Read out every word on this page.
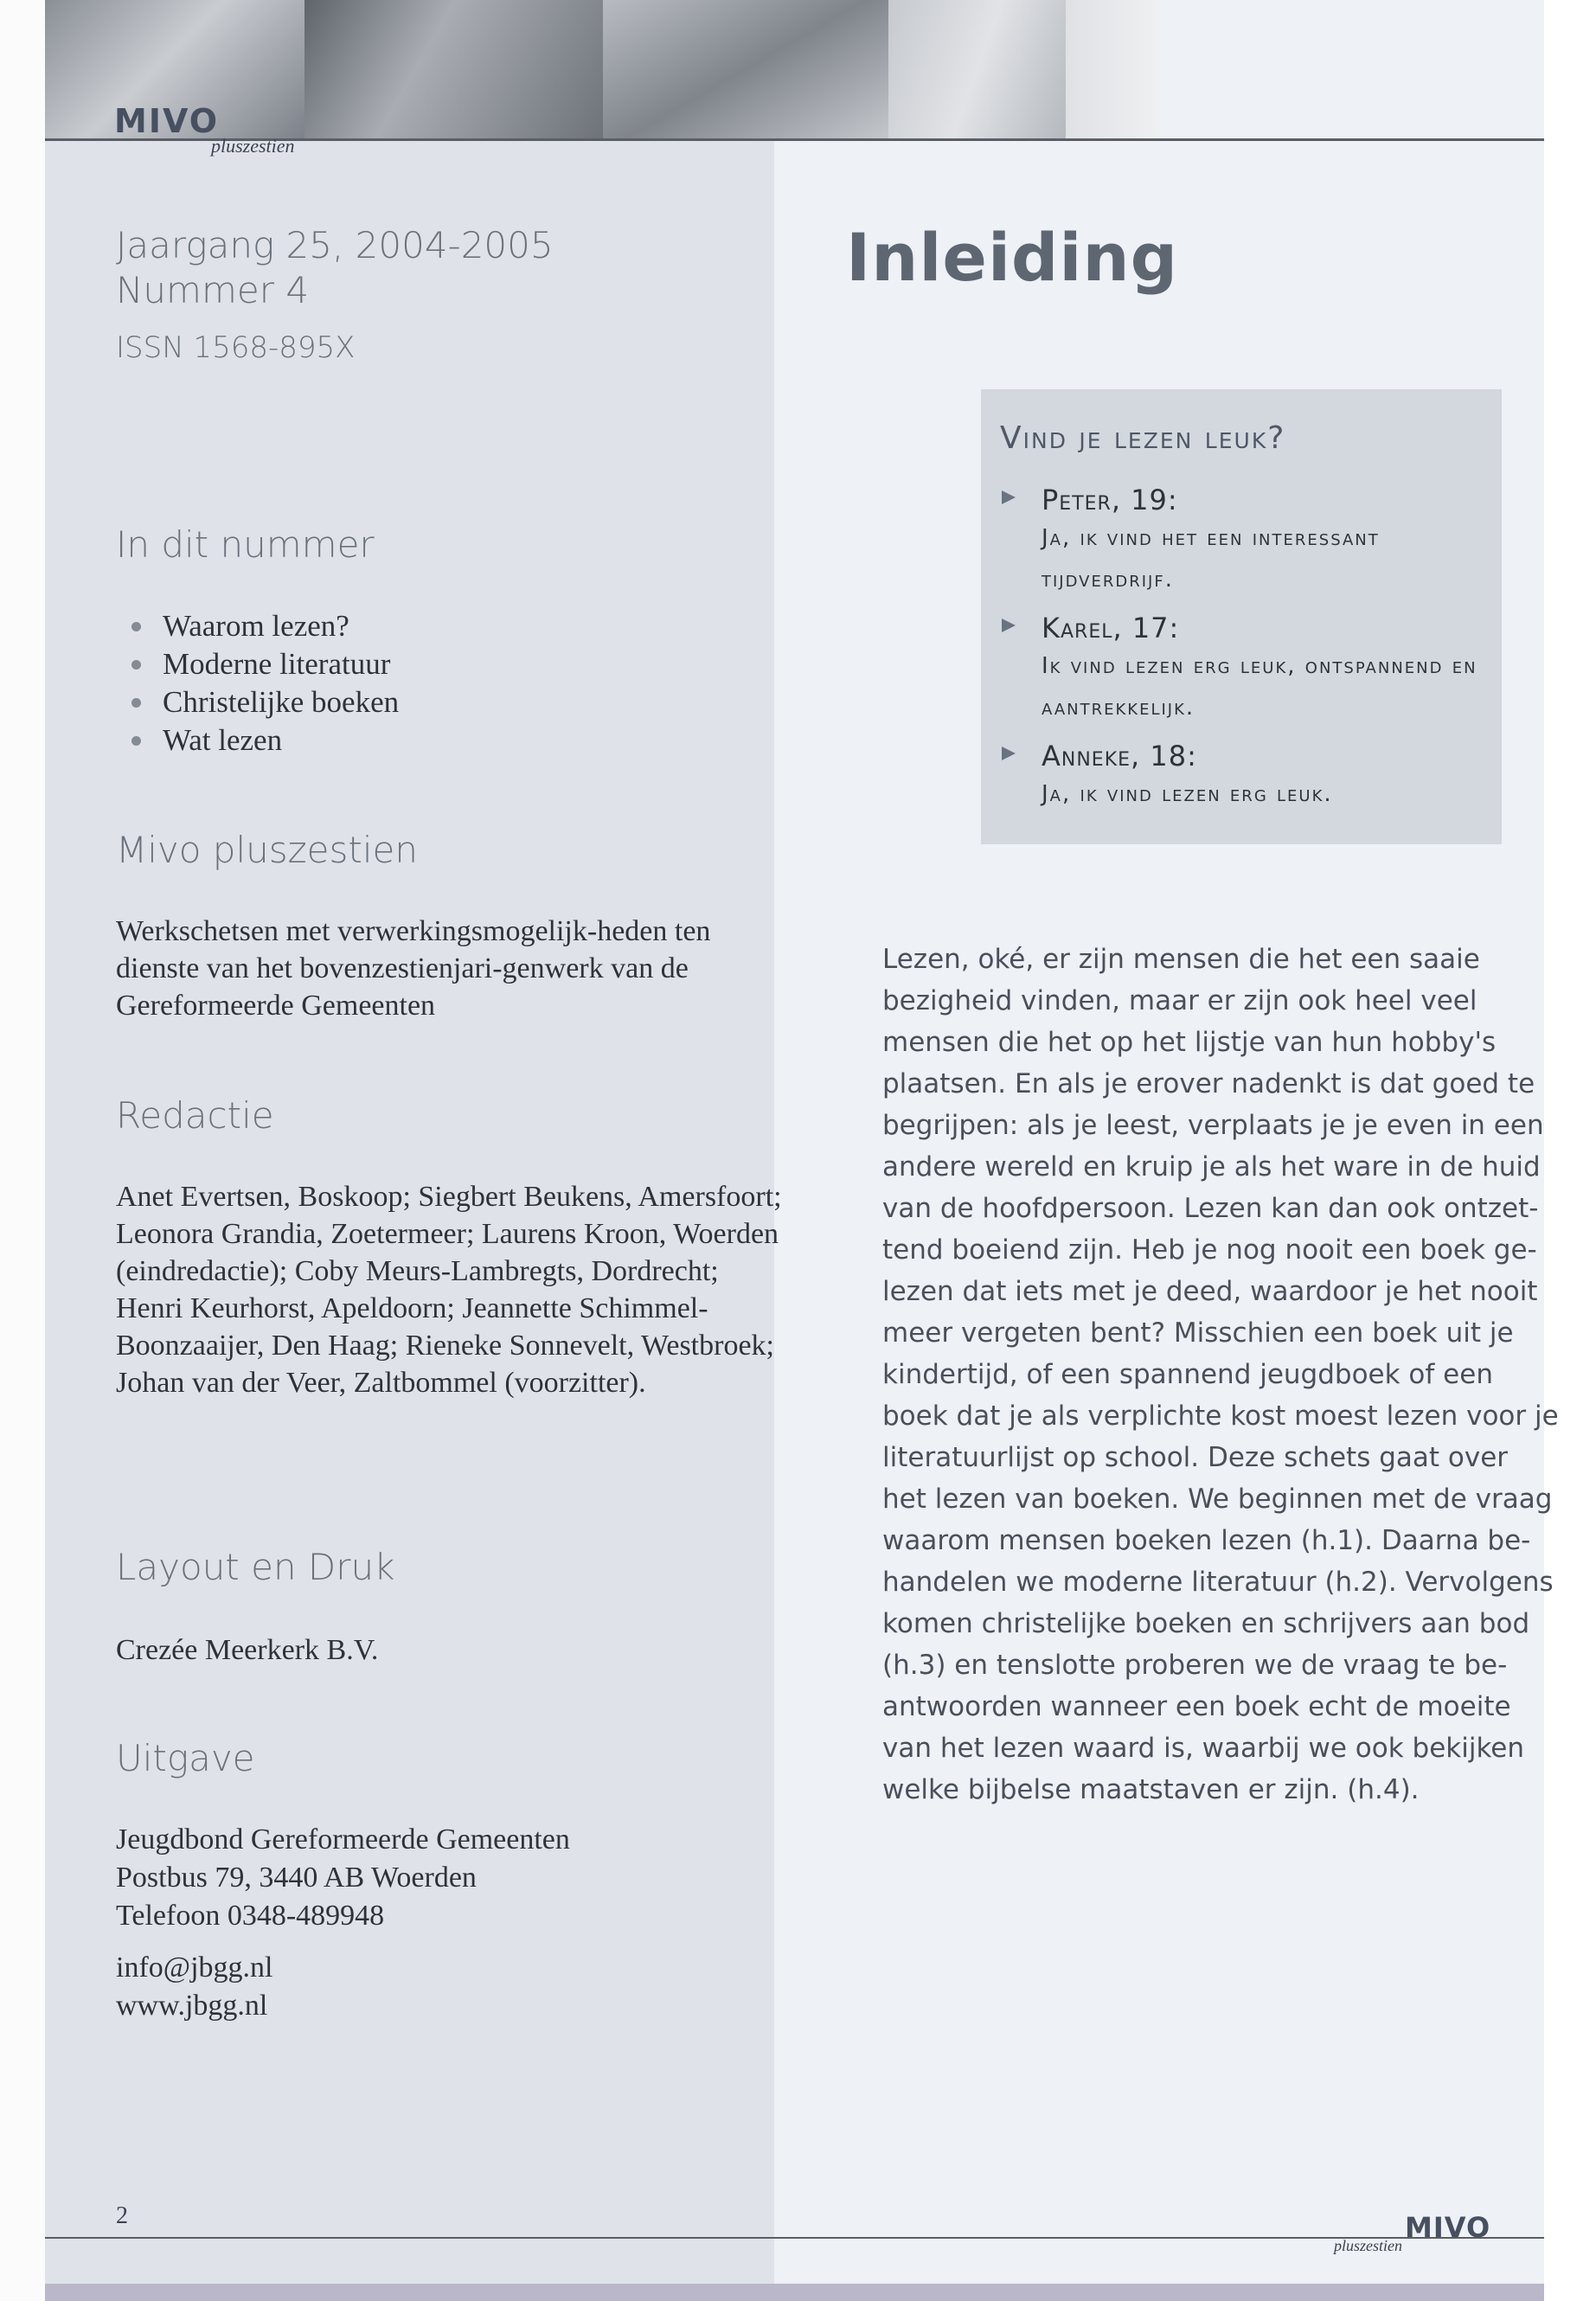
MIVO
pluszestien
Jaargang 25, 2004-2005
Nummer 4
ISSN 1568-895X
In dit nummer
Waarom lezen?
Moderne literatuur
Christelijke boeken
Wat lezen
Mivo pluszestien
Werkschetsen met verwerkingsmogelijk-heden ten dienste van het bovenzestienjari-genwerk van de Gereformeerde Gemeenten
Redactie
Anet Evertsen, Boskoop; Siegbert Beukens, Amersfoort; Leonora Grandia, Zoetermeer; Laurens Kroon, Woerden (eindredactie); Coby Meurs-Lambregts, Dordrecht; Henri Keurhorst, Apeldoorn; Jeannette Schimmel-Boonzaaijer, Den Haag; Rieneke Sonnevelt, Westbroek; Johan van der Veer, Zaltbommel (voorzitter).
Layout en Druk
Crezée Meerkerk B.V.
Uitgave
Jeugdbond Gereformeerde Gemeenten
Postbus 79, 3440 AB Woerden
Telefoon 0348-489948
info@jbgg.nl
www.jbgg.nl
Inleiding
Vind je lezen leuk?
Peter, 19:
Ja, ik vind het een interessant tijdverdrijf.
Karel, 17:
Ik vind lezen erg leuk, ontspannend en aantrekkelijk.
Anneke, 18:
Ja, ik vind lezen erg leuk.
Lezen, oké, er zijn mensen die het een saaie bezigheid vinden, maar er zijn ook heel veel mensen die het op het lijstje van hun hobby's plaatsen. En als je erover nadenkt is dat goed te begrijpen: als je leest, verplaats je je even in een andere wereld en kruip je als het ware in de huid van de hoofdpersoon. Lezen kan dan ook ontzet-tend boeiend zijn. Heb je nog nooit een boek ge-lezen dat iets met je deed, waardoor je het nooit meer vergeten bent? Misschien een boek uit je kindertijd, of een spannend jeugdboek of een boek dat je als verplichte kost moest lezen voor je literatuurlijst op school. Deze schets gaat over het lezen van boeken. We beginnen met de vraag waarom mensen boeken lezen (h.1). Daarna be-handelen we moderne literatuur (h.2). Vervolgens komen christelijke boeken en schrijvers aan bod (h.3) en tenslotte proberen we de vraag te be-antwoorden wanneer een boek echt de moeite van het lezen waard is, waarbij we ook bekijken welke bijbelse maatstaven er zijn. (h.4).
2	MIVO
pluszestien
